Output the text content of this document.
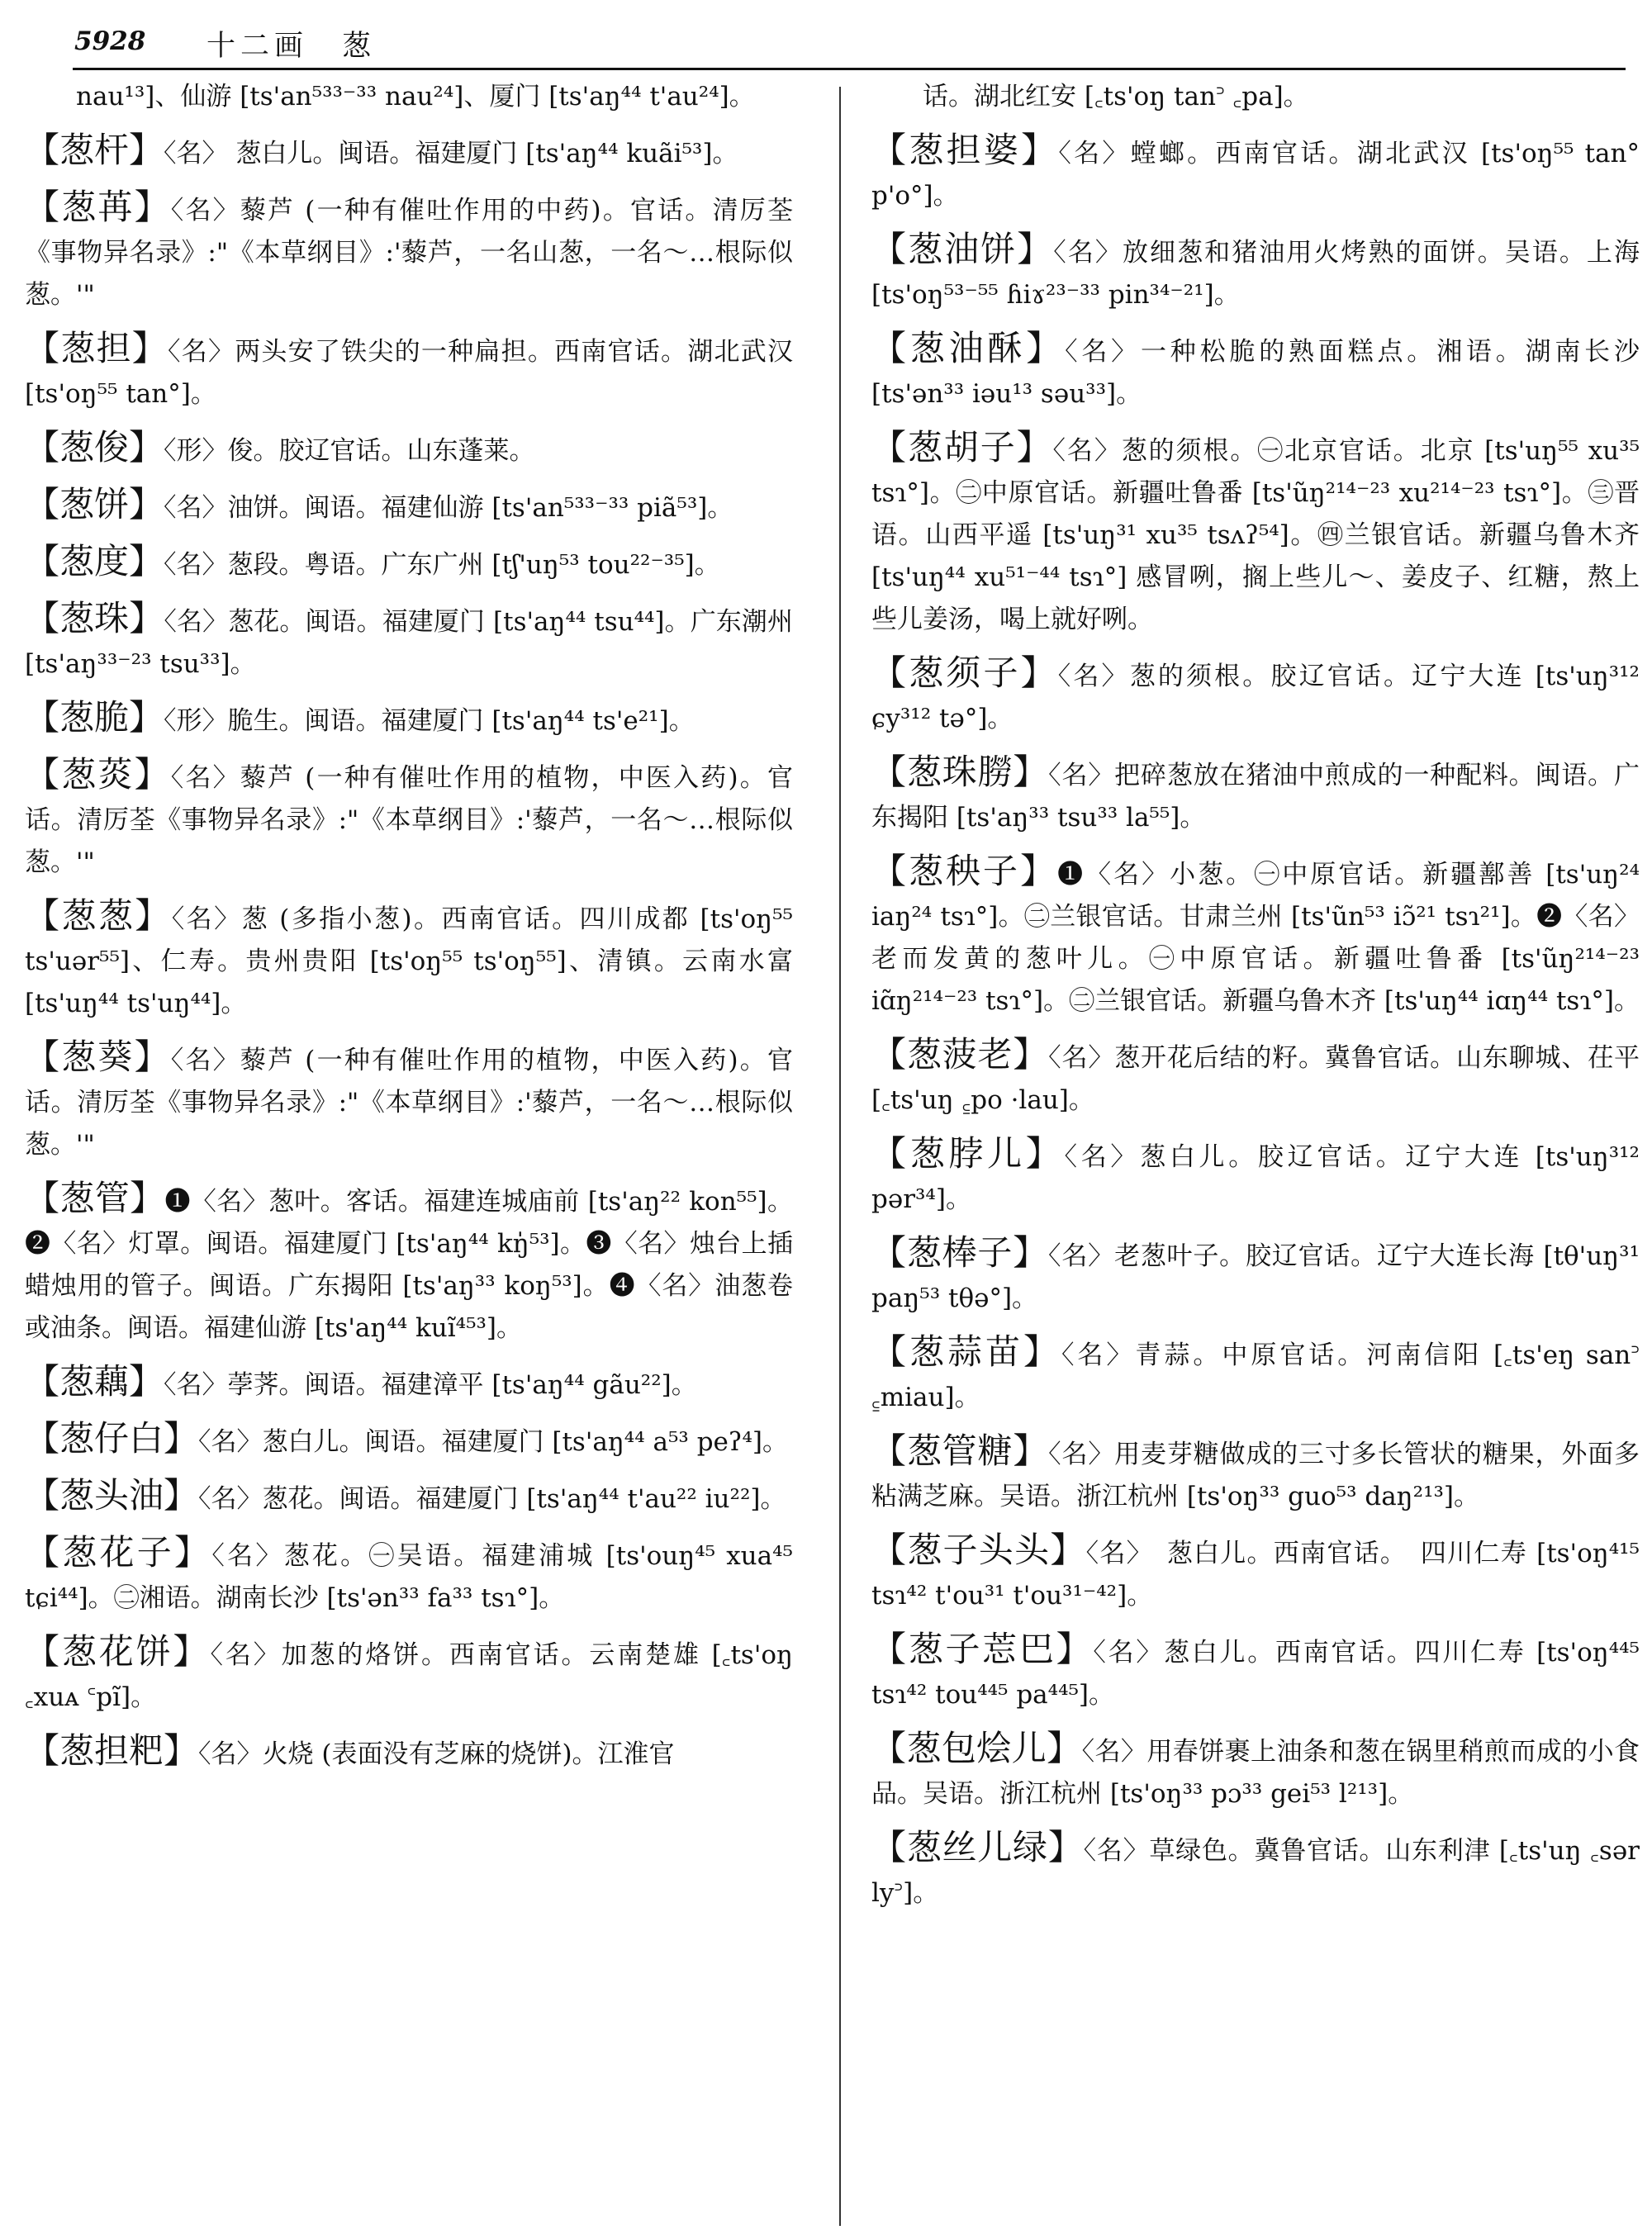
5928 十二画　葱

nau¹³]、仙游 [ts'an⁵³³⁻³³ nau²⁴]、厦门 [ts'aŋ⁴⁴ t'au²⁴]。

【葱杆】〈名〉 葱白儿。闽语。福建厦门 [ts'aŋ⁴⁴ kuãi⁵³]。

【葱苒】〈名〉藜芦 (一种有催吐作用的中药)。官话。清厉荃《事物异名录》:"《本草纲目》:'藜芦，一名山葱，一名～…根际似葱。'"

【葱担】〈名〉两头安了铁尖的一种扁担。西南官话。湖北武汉 [ts'oŋ⁵⁵ tan°]。

【葱俊】〈形〉俊。胶辽官话。山东蓬莱。

【葱饼】〈名〉油饼。闽语。福建仙游 [ts'an⁵³³⁻³³ piã⁵³]。

【葱度】〈名〉葱段。粤语。广东广州 [tʃ'uŋ⁵³ tou²²⁻³⁵]。

【葱珠】〈名〉葱花。闽语。福建厦门 [ts'aŋ⁴⁴ tsu⁴⁴]。广东潮州 [ts'aŋ³³⁻²³ tsu³³]。

【葱脆】〈形〉脆生。闽语。福建厦门 [ts'aŋ⁴⁴ ts'e²¹]。

【葱菼】〈名〉藜芦 (一种有催吐作用的植物，中医入药)。官话。清厉荃《事物异名录》:"《本草纲目》:'藜芦，一名～…根际似葱。'"

【葱葱】〈名〉葱 (多指小葱)。西南官话。四川成都 [ts'oŋ⁵⁵ ts'uər⁵⁵]、仁寿。贵州贵阳 [ts'oŋ⁵⁵ ts'oŋ⁵⁵]、清镇。云南水富 [ts'uŋ⁴⁴ ts'uŋ⁴⁴]。

【葱葵】〈名〉藜芦 (一种有催吐作用的植物，中医入药)。官话。清厉荃《事物异名录》:"《本草纲目》:'藜芦，一名～…根际似葱。'"

【葱管】❶〈名〉葱叶。客话。福建连城庙前 [ts'aŋ²² kon⁵⁵]。❷〈名〉灯罩。闽语。福建厦门 [ts'aŋ⁴⁴ kŋ̍⁵³]。❸〈名〉烛台上插蜡烛用的管子。闽语。广东揭阳 [ts'aŋ³³ koŋ⁵³]。❹〈名〉油葱卷或油条。闽语。福建仙游 [ts'aŋ⁴⁴ kuĩ⁴⁵³]。

【葱藕】〈名〉荸荠。闽语。福建漳平 [ts'aŋ⁴⁴ gãu²²]。

【葱仔白】〈名〉葱白儿。闽语。福建厦门 [ts'aŋ⁴⁴ a⁵³ peʔ⁴]。

【葱头油】〈名〉葱花。闽语。福建厦门 [ts'aŋ⁴⁴ t'au²² iu²²]。

【葱花子】〈名〉葱花。㊀吴语。福建浦城 [ts'ouŋ⁴⁵ xua⁴⁵ tɕi⁴⁴]。㊁湘语。湖南长沙 [ts'ən³³ fa³³ tsɿ°]。

【葱花饼】〈名〉加葱的烙饼。西南官话。云南楚雄 [꜀ts'oŋ ꜀xuᴀ ꜂pĩ]。

【葱担粑】〈名〉火烧 (表面没有芝麻的烧饼)。江淮官

话。湖北红安 [꜀ts'oŋ tan꜄ ꜀pa]。

【葱担婆】〈名〉螳螂。西南官话。湖北武汉 [ts'oŋ⁵⁵ tan° p'o°]。

【葱油饼】〈名〉放细葱和猪油用火烤熟的面饼。吴语。上海 [ts'oŋ⁵³⁻⁵⁵ ɦiɤ²³⁻³³ pin³⁴⁻²¹]。

【葱油酥】〈名〉一种松脆的熟面糕点。湘语。湖南长沙 [ts'ən³³ iəu¹³ səu³³]。

【葱胡子】〈名〉葱的须根。㊀北京官话。北京 [ts'uŋ⁵⁵ xu³⁵ tsɿ°]。㊁中原官话。新疆吐鲁番 [ts'ũŋ²¹⁴⁻²³ xu²¹⁴⁻²³ tsɿ°]。㊂晋语。山西平遥 [ts'uŋ³¹ xu³⁵ tsʌʔ⁵⁴]。㊃兰银官话。新疆乌鲁木齐 [ts'uŋ⁴⁴ xu⁵¹⁻⁴⁴ tsɿ°] 感冒咧，搁上些儿～、姜皮子、红糖，熬上些儿姜汤，喝上就好咧。

【葱须子】〈名〉葱的须根。胶辽官话。辽宁大连 [ts'uŋ³¹² ɕy³¹² tə°]。

【葱珠朥】〈名〉把碎葱放在猪油中煎成的一种配料。闽语。广东揭阳 [ts'aŋ³³ tsu³³ la⁵⁵]。

【葱秧子】❶〈名〉小葱。㊀中原官话。新疆鄯善 [ts'uŋ²⁴ iaŋ²⁴ tsɿ°]。㊁兰银官话。甘肃兰州 [ts'ũn⁵³ iɔ̃²¹ tsɿ²¹]。❷〈名〉老而发黄的葱叶儿。㊀中原官话。新疆吐鲁番 [ts'ũŋ²¹⁴⁻²³ iɑ̃ŋ²¹⁴⁻²³ tsɿ°]。㊁兰银官话。新疆乌鲁木齐 [ts'uŋ⁴⁴ iɑŋ⁴⁴ tsɿ°]。

【葱菠老】〈名〉葱开花后结的籽。冀鲁官话。山东聊城、茌平 [꜀ts'uŋ ꜁po ·lau]。

【葱脖儿】〈名〉葱白儿。胶辽官话。辽宁大连 [ts'uŋ³¹² pər³⁴]。

【葱棒子】〈名〉老葱叶子。胶辽官话。辽宁大连长海 [tθ'uŋ³¹ paŋ⁵³ tθə°]。

【葱蒜苗】〈名〉青蒜。中原官话。河南信阳 [꜀ts'eŋ san꜄ ꜁miau]。

【葱管糖】〈名〉用麦芽糖做成的三寸多长管状的糖果，外面多粘满芝麻。吴语。浙江杭州 [ts'oŋ³³ guo⁵³ daŋ²¹³]。

【葱子头头】〈名〉　葱白儿。西南官话。　四川仁寿 [ts'oŋ⁴¹⁵ tsɿ⁴² t'ou³¹ t'ou³¹⁻⁴²]。

【葱子莣巴】〈名〉葱白儿。西南官话。四川仁寿 [ts'oŋ⁴⁴⁵ tsɿ⁴² tou⁴⁴⁵ pa⁴⁴⁵]。

【葱包烩儿】〈名〉用春饼裹上油条和葱在锅里稍煎而成的小食品。吴语。浙江杭州 [ts'oŋ³³ pɔ³³ gei⁵³ l²¹³]。

【葱丝儿绿】〈名〉草绿色。冀鲁官话。山东利津 [꜀ts'uŋ ꜀sər ly꜄]。
